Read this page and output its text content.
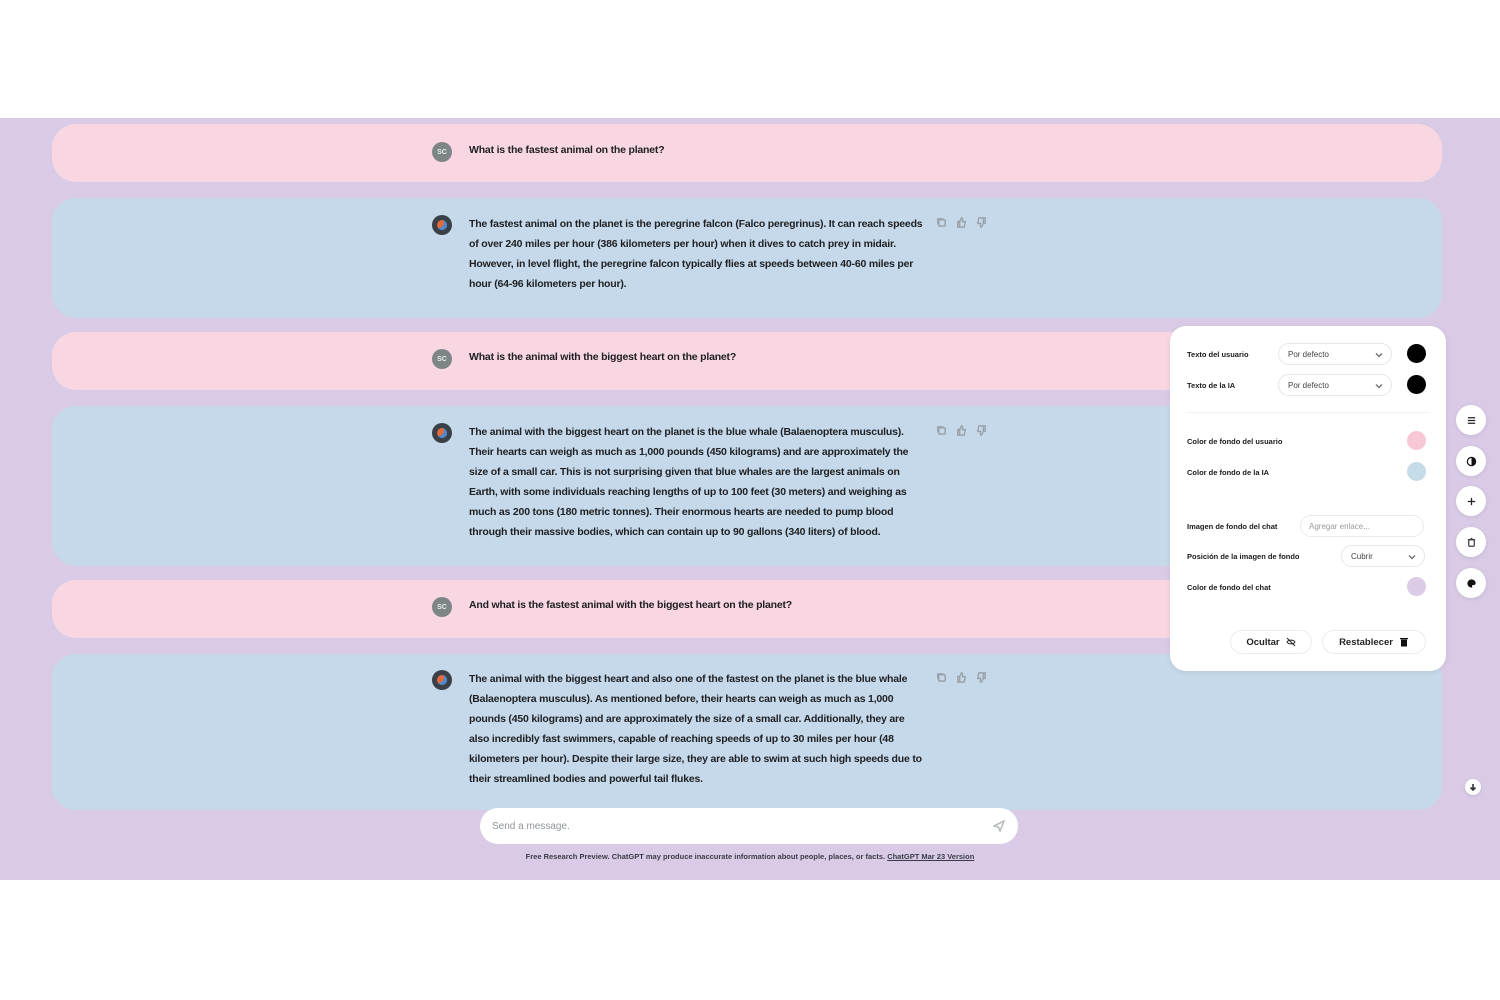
SC	What is the fastest animal on the planet?
The fastest animal on the planet is the peregrine falcon (Falco peregrinus). It can reach speeds of over 240 miles per hour (386 kilometers per hour) when it dives to catch prey in midair. However, in level flight, the peregrine falcon typically flies at speeds between 40-60 miles per hour (64-96 kilometers per hour).
SC	What is the animal with the biggest heart on the planet?
The animal with the biggest heart on the planet is the blue whale (Balaenoptera musculus). Their hearts can weigh as much as 1,000 pounds (450 kilograms) and are approximately the size of a small car. This is not surprising given that blue whales are the largest animals on Earth, with some individuals reaching lengths of up to 100 feet (30 meters) and weighing as much as 200 tons (180 metric tonnes). Their enormous hearts are needed to pump blood through their massive bodies, which can contain up to 90 gallons (340 liters) of blood.
SC	And what is the fastest animal with the biggest heart on the planet?
The animal with the biggest heart and also one of the fastest on the planet is the blue whale (Balaenoptera musculus). As mentioned before, their hearts can weigh as much as 1,000 pounds (450 kilograms) and are approximately the size of a small car. Additionally, they are also incredibly fast swimmers, capable of reaching speeds of up to 30 miles per hour (48 kilometers per hour). Despite their large size, they are able to swim at such high speeds due to their streamlined bodies and powerful tail flukes.
Send a message.
Free Research Preview. ChatGPT may produce inaccurate information about people, places, or facts. ChatGPT Mar 23 Version
Texto del usuario	Por defecto
Texto de la IA	Por defecto
Color de fondo del usuario
Color de fondo de la IA
Imagen de fondo del chat
Agregar enlace...
Posición de la imagen de fondo	Cubrir
Color de fondo del chat
Ocultar	Restablecer
